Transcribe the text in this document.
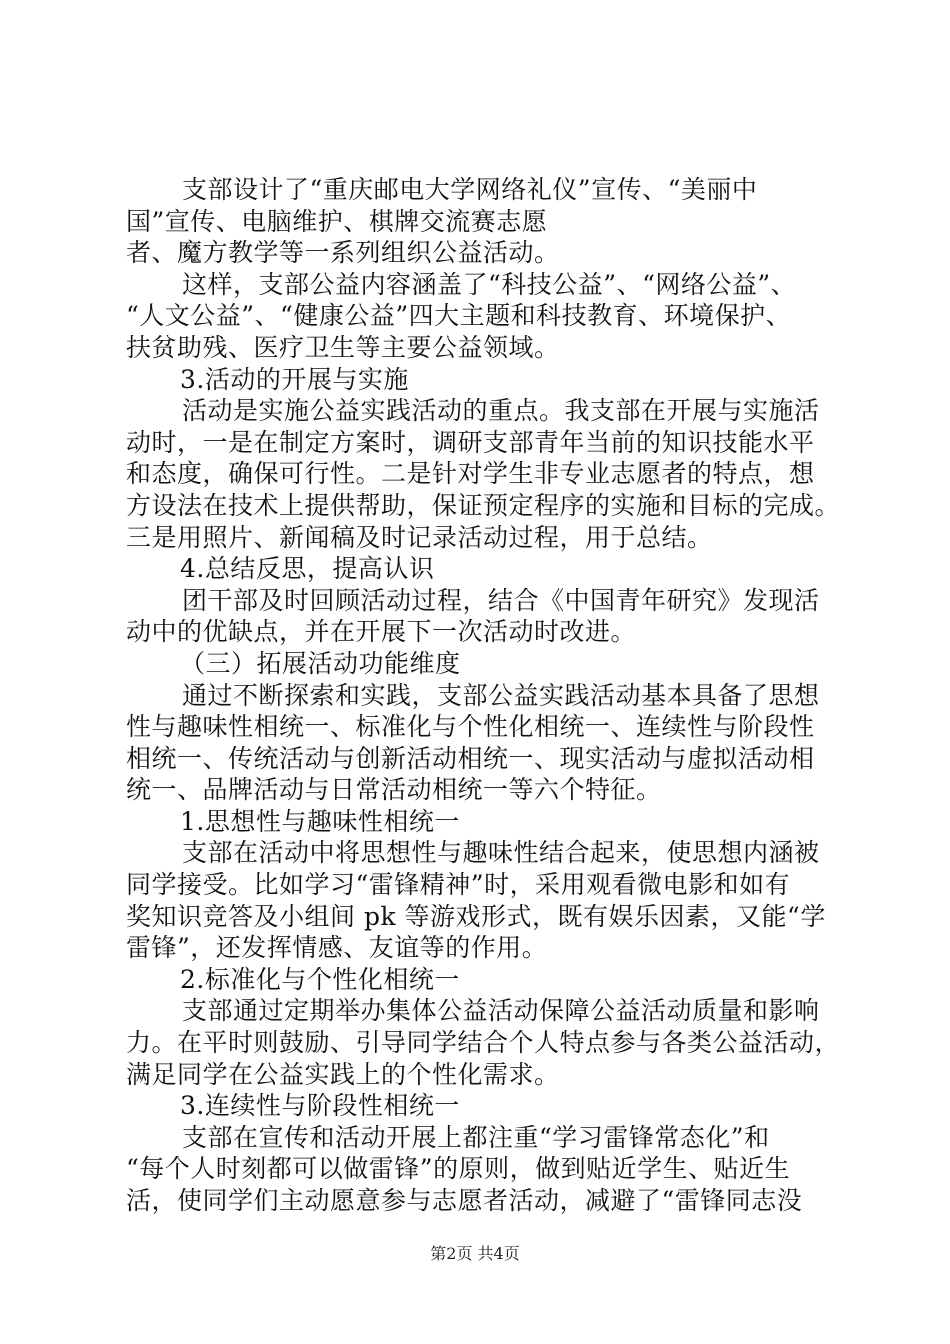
支部设计了“重庆邮电大学网络礼仪”宣传、“美丽中
国”宣传、电脑维护、棋牌交流赛志愿
者、魔方教学等一系列组织公益活动。
这样，支部公益内容涵盖了“科技公益”、“网络公益”、
“人文公益”、“健康公益”四大主题和科技教育、环境保护、
扶贫助残、医疗卫生等主要公益领域。
3.活动的开展与实施
活动是实施公益实践活动的重点。我支部在开展与实施活
动时，一是在制定方案时，调研支部青年当前的知识技能水平
和态度，确保可行性。二是针对学生非专业志愿者的特点，想
方设法在技术上提供帮助，保证预定程序的实施和目标的完成。
三是用照片、新闻稿及时记录活动过程，用于总结。
4.总结反思，提高认识
团干部及时回顾活动过程，结合《中国青年研究》发现活
动中的优缺点，并在开展下一次活动时改进。
（三）拓展活动功能维度
通过不断探索和实践，支部公益实践活动基本具备了思想
性与趣味性相统一、标准化与个性化相统一、连续性与阶段性
相统一、传统活动与创新活动相统一、现实活动与虚拟活动相
统一、品牌活动与日常活动相统一等六个特征。
1.思想性与趣味性相统一
支部在活动中将思想性与趣味性结合起来，使思想内涵被
同学接受。比如学习“雷锋精神”时，采用观看微电影和如有
奖知识竞答及小组间 pk 等游戏形式，既有娱乐因素，又能“学
雷锋”，还发挥情感、友谊等的作用。
2.标准化与个性化相统一
支部通过定期举办集体公益活动保障公益活动质量和影响
力。在平时则鼓励、引导同学结合个人特点参与各类公益活动，
满足同学在公益实践上的个性化需求。
3.连续性与阶段性相统一
支部在宣传和活动开展上都注重“学习雷锋常态化”和
“每个人时刻都可以做雷锋”的原则，做到贴近学生、贴近生
活，使同学们主动愿意参与志愿者活动，减避了“雷锋同志没
第2页 共4页
